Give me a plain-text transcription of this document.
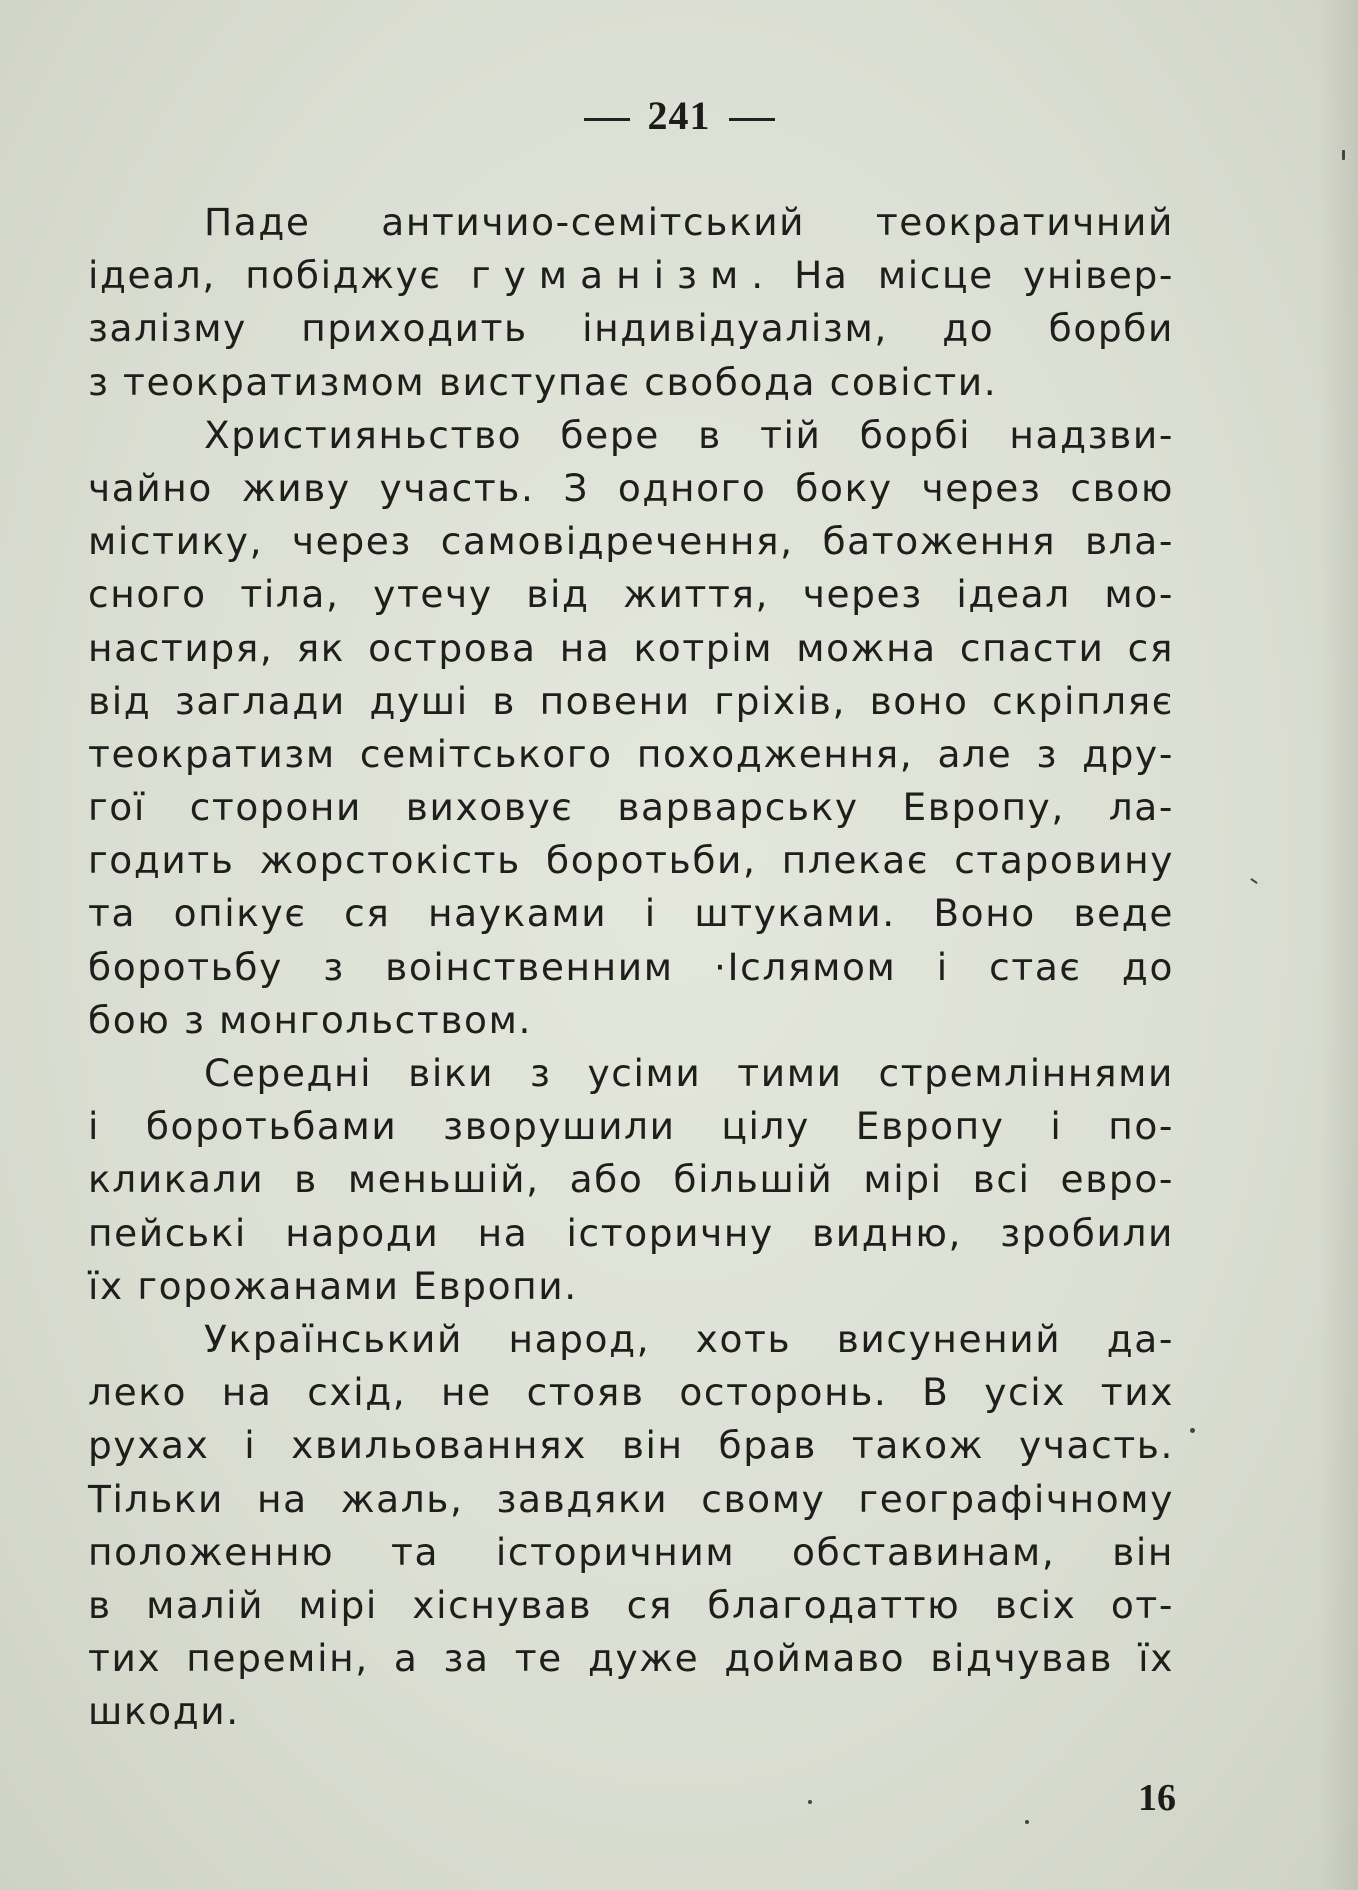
241
Паде античио-семітський теократичний
ідеал, побіджує гуманізм. На місце універ-
залізму приходить індивідуалізм, до борби
з теократизмом виступає свобода совісти.
Християньство бере в тій борбі надзви-
чайно живу участь. З одного боку через свою
містику, через самовідречення, батоження вла-
сного тіла, утечу від життя, через ідеал мо-
настиря, як острова на котрім можна спасти ся
від заглади душі в повени гріхів, воно скріпляє
теократизм семітського походження, але з дру-
гої сторони виховує варварську Европу, ла-
годить жорстокість боротьби, плекає старовину
та опікує ся науками і штуками. Воно веде
боротьбу з воінственним ·Іслямом і стає до
бою з монгольством.
Середні віки з усіми тими стремліннями
і боротьбами зворушили цілу Европу і по-
кликали в меньшій, або більшій мірі всі евро-
пейські народи на історичну видню, зробили
їх горожанами Европи.
Український народ, хоть висунений да-
леко на схід, не стояв осторонь. В усіх тих
рухах і хвильованнях він брав також участь.
Тільки на жаль, завдяки свому географічному
положенню та історичним обставинам, він
в малій мірі хіснував ся благодаттю всіх от-
тих перемін, а за те дуже доймаво відчував їх
шкоди.
16
